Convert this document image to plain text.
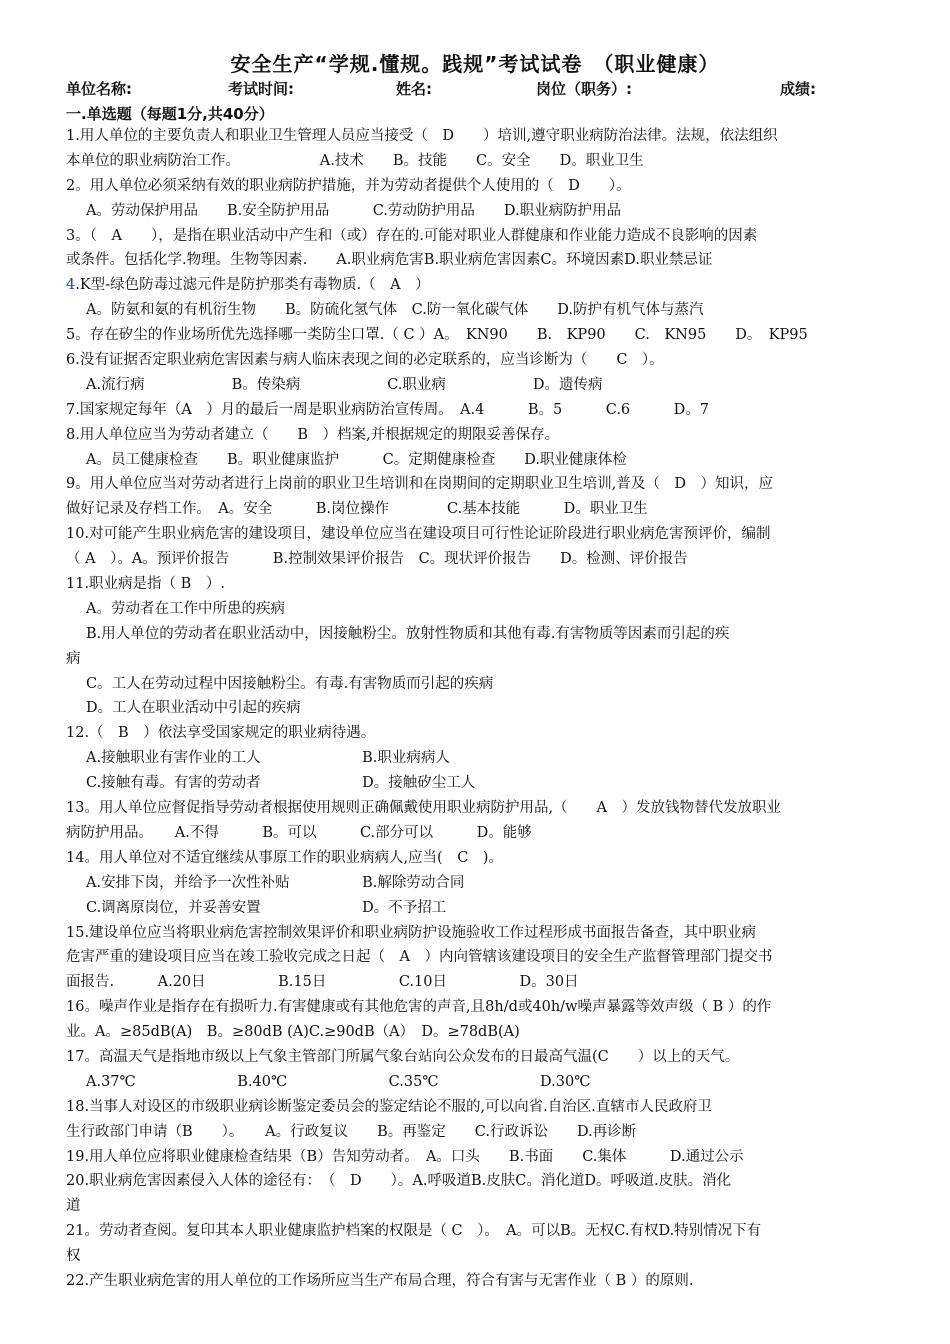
安全生产“学规.懂规。践规”考试试卷　（职业健康）
单位名称:	考试时间:	姓名:	岗位（职务）:	成绩:
一.单选题（每题1分,共40分）
1.用人单位的主要负责人和职业卫生管理人员应当接受（　D　　）培训,遵守职业病防治法律。法规，依法组织
本单位的职业病防治工作。　　　　　　A.技术　　B。技能　　C。安全　　D。职业卫生
2。用人单位必须采纳有效的职业病防护措施，并为劳动者提供个人使用的（　D　　）。
A。劳动保护用品　　B.安全防护用品　　　C.劳动防护用品　　D.职业病防护用品
3。（　A　　），是指在职业活动中产生和（或）存在的.可能对职业人群健康和作业能力造成不良影响的因素
或条件。包括化学.物理。生物等因素.　　A.职业病危害B.职业病危害因素C。环境因素D.职业禁忌证
4.K型-绿色防毒过滤元件是防护那类有毒物质.（　A　）
A。防氨和氨的有机衍生物　　B。防硫化氢气体　C.防一氧化碳气体　　D.防护有机气体与蒸汽
5。存在矽尘的作业场所优先选择哪一类防尘口罩.（ C ）A。　KN90　　B.　KP90　　C.　KN95　　D。　KP95
6.没有证据否定职业病危害因素与病人临床表现之间的必定联系的，应当诊断为（　　C　）。
A.流行病　　　　　　B。传染病　　　　　　C.职业病　　　　　　D。遗传病
7.国家规定每年（A　）月的最后一周是职业病防治宣传周。　A.4　　　B。5　　　C.6　　　D。7
8.用人单位应当为劳动者建立（　　B　）档案,并根据规定的期限妥善保存。
A。员工健康检查　　B。职业健康监护　　　C。定期健康检查　　D.职业健康体检
9。用人单位应当对劳动者进行上岗前的职业卫生培训和在岗期间的定期职业卫生培训,普及（　D　）知识，应
做好记录及存档工作。　A。安全　　　B.岗位操作　　　　C.基本技能　　　D。职业卫生
10.对可能产生职业病危害的建设项目，建设单位应当在建设项目可行性论证阶段进行职业病危害预评价，编制
（ A　）。A。预评价报告　　　B.控制效果评价报告　C。现状评价报告　　D。检测、评价报告
11.职业病是指（ B　）.
A。劳动者在工作中所患的疾病
B.用人单位的劳动者在职业活动中，因接触粉尘。放射性物质和其他有毒.有害物质等因素而引起的疾
病
C。工人在劳动过程中因接触粉尘。有毒.有害物质而引起的疾病
D。工人在职业活动中引起的疾病
12.（　B　）依法享受国家规定的职业病待遇。
A.接触职业有害作业的工人　　　　　　　B.职业病病人
C.接触有毒。有害的劳动者　　　　　　　D。接触矽尘工人
13。用人单位应督促指导劳动者根据使用规则正确佩戴使用职业病防护用品,（　　A　）发放钱物替代发放职业
病防护用品。　　A.不得　　　B。可以　　　C.部分可以　　　D。能够
14。用人单位对不适宜继续从事原工作的职业病病人,应当(　C　)。
A.安排下岗，并给予一次性补贴　　　　　B.解除劳动合同
C.调离原岗位，并妥善安置　　　　　　　D。不予招工
15.建设单位应当将职业病危害控制效果评价和职业病防护设施验收工作过程形成书面报告备查，其中职业病
危害严重的建设项目应当在竣工验收完成之日起（　A　）内向管辖该建设项目的安全生产监督管理部门提交书
面报告.　　　A.20日　　　　　B.15日　　　　　C.10日　　　　　D。30日
16。噪声作业是指存在有损听力.有害健康或有其他危害的声音,且8h/d或40h/w噪声暴露等效声级（ B ）的作
业。A。≥85dB(A)　B。≥80dB (A)C.≥90dB（A）　D。≥78dB(A)
17。高温天气是指地市级以上气象主管部门所属气象台站向公众发布的日最高气温(C　　）以上的天气。
A.37℃　　　　　　　B.40℃　　　　　　　C.35℃　　　　　　　D.30℃
18.当事人对设区的市级职业病诊断鉴定委员会的鉴定结论不服的,可以向省.自治区.直辖市人民政府卫
生行政部门申请（B　　）。　　A。行政复议　　B。再鉴定　　C.行政诉讼　　D.再诊断
19.用人单位应将职业健康检查结果（B）告知劳动者。　A。口头　　B.书面　　C.集体　　　D.通过公示
20.职业病危害因素侵入人体的途径有：　（　D　　）。A.呼吸道B.皮肤C。消化道D。呼吸道.皮肤。消化
道
21。劳动者查阅。复印其本人职业健康监护档案的权限是（ C　）。　A。可以B。无权C.有权D.特别情况下有
权
22.产生职业病危害的用人单位的工作场所应当生产布局合理，符合有害与无害作业（ B ）的原则.
